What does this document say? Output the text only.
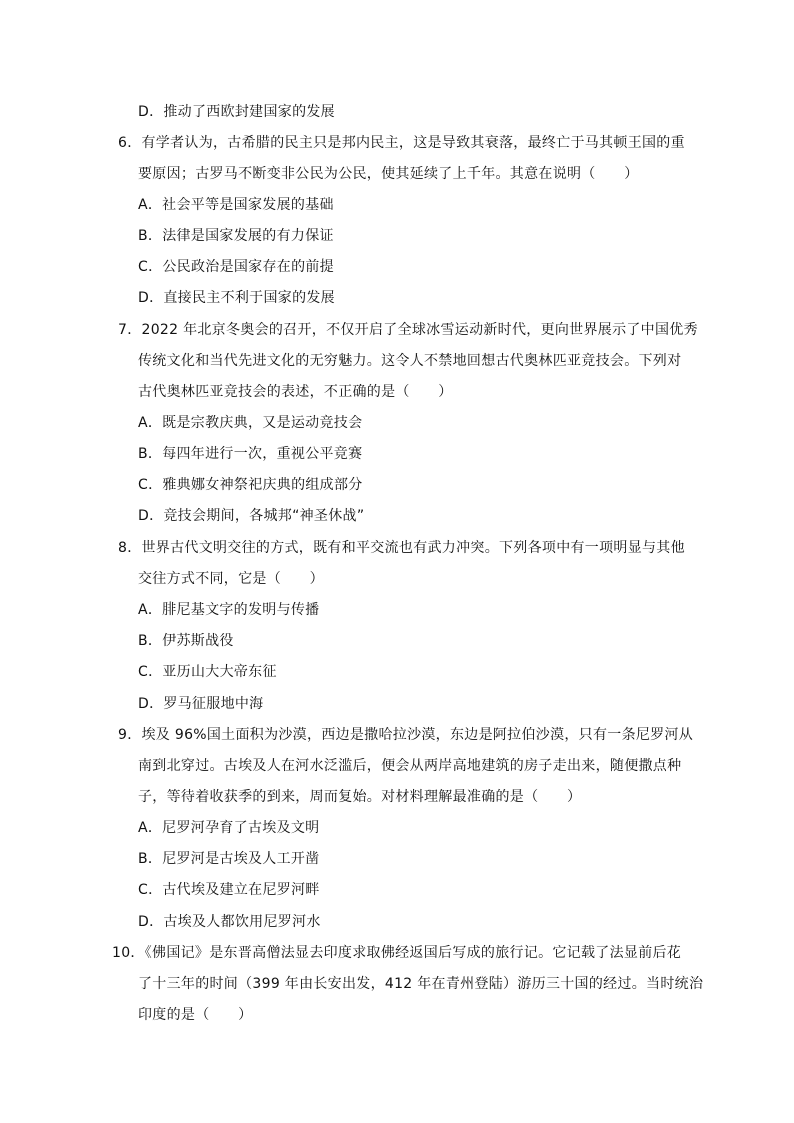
D．推动了西欧封建国家的发展
6．有学者认为，古希腊的民主只是邦内民主，这是导致其衰落，最终亡于马其顿王国的重
要原因；古罗马不断变非公民为公民，使其延续了上千年。其意在说明（　　）
A．社会平等是国家发展的基础
B．法律是国家发展的有力保证
C．公民政治是国家存在的前提
D．直接民主不利于国家的发展
7．2022 年北京冬奥会的召开，不仅开启了全球冰雪运动新时代，更向世界展示了中国优秀
传统文化和当代先进文化的无穷魅力。这令人不禁地回想古代奥林匹亚竞技会。下列对
古代奥林匹亚竞技会的表述，不正确的是（　　）
A．既是宗教庆典，又是运动竞技会
B．每四年进行一次，重视公平竞赛
C．雅典娜女神祭祀庆典的组成部分
D．竞技会期间，各城邦“神圣休战”
8．世界古代文明交往的方式，既有和平交流也有武力冲突。下列各项中有一项明显与其他
交往方式不同，它是（　　）
A．腓尼基文字的发明与传播
B．伊苏斯战役
C．亚历山大大帝东征
D．罗马征服地中海
9．埃及 96%国土面积为沙漠，西边是撒哈拉沙漠，东边是阿拉伯沙漠，只有一条尼罗河从
南到北穿过。古埃及人在河水泛滥后，便会从两岸高地建筑的房子走出来，随便撒点种
子，等待着收获季的到来，周而复始。对材料理解最准确的是（　　）
A．尼罗河孕育了古埃及文明
B．尼罗河是古埃及人工开凿
C．古代埃及建立在尼罗河畔
D．古埃及人都饮用尼罗河水
10．《佛国记》是东晋高僧法显去印度求取佛经返国后写成的旅行记。它记载了法显前后花
了十三年的时间（399 年由长安出发，412 年在青州登陆）游历三十国的经过。当时统治
印度的是（　　）
